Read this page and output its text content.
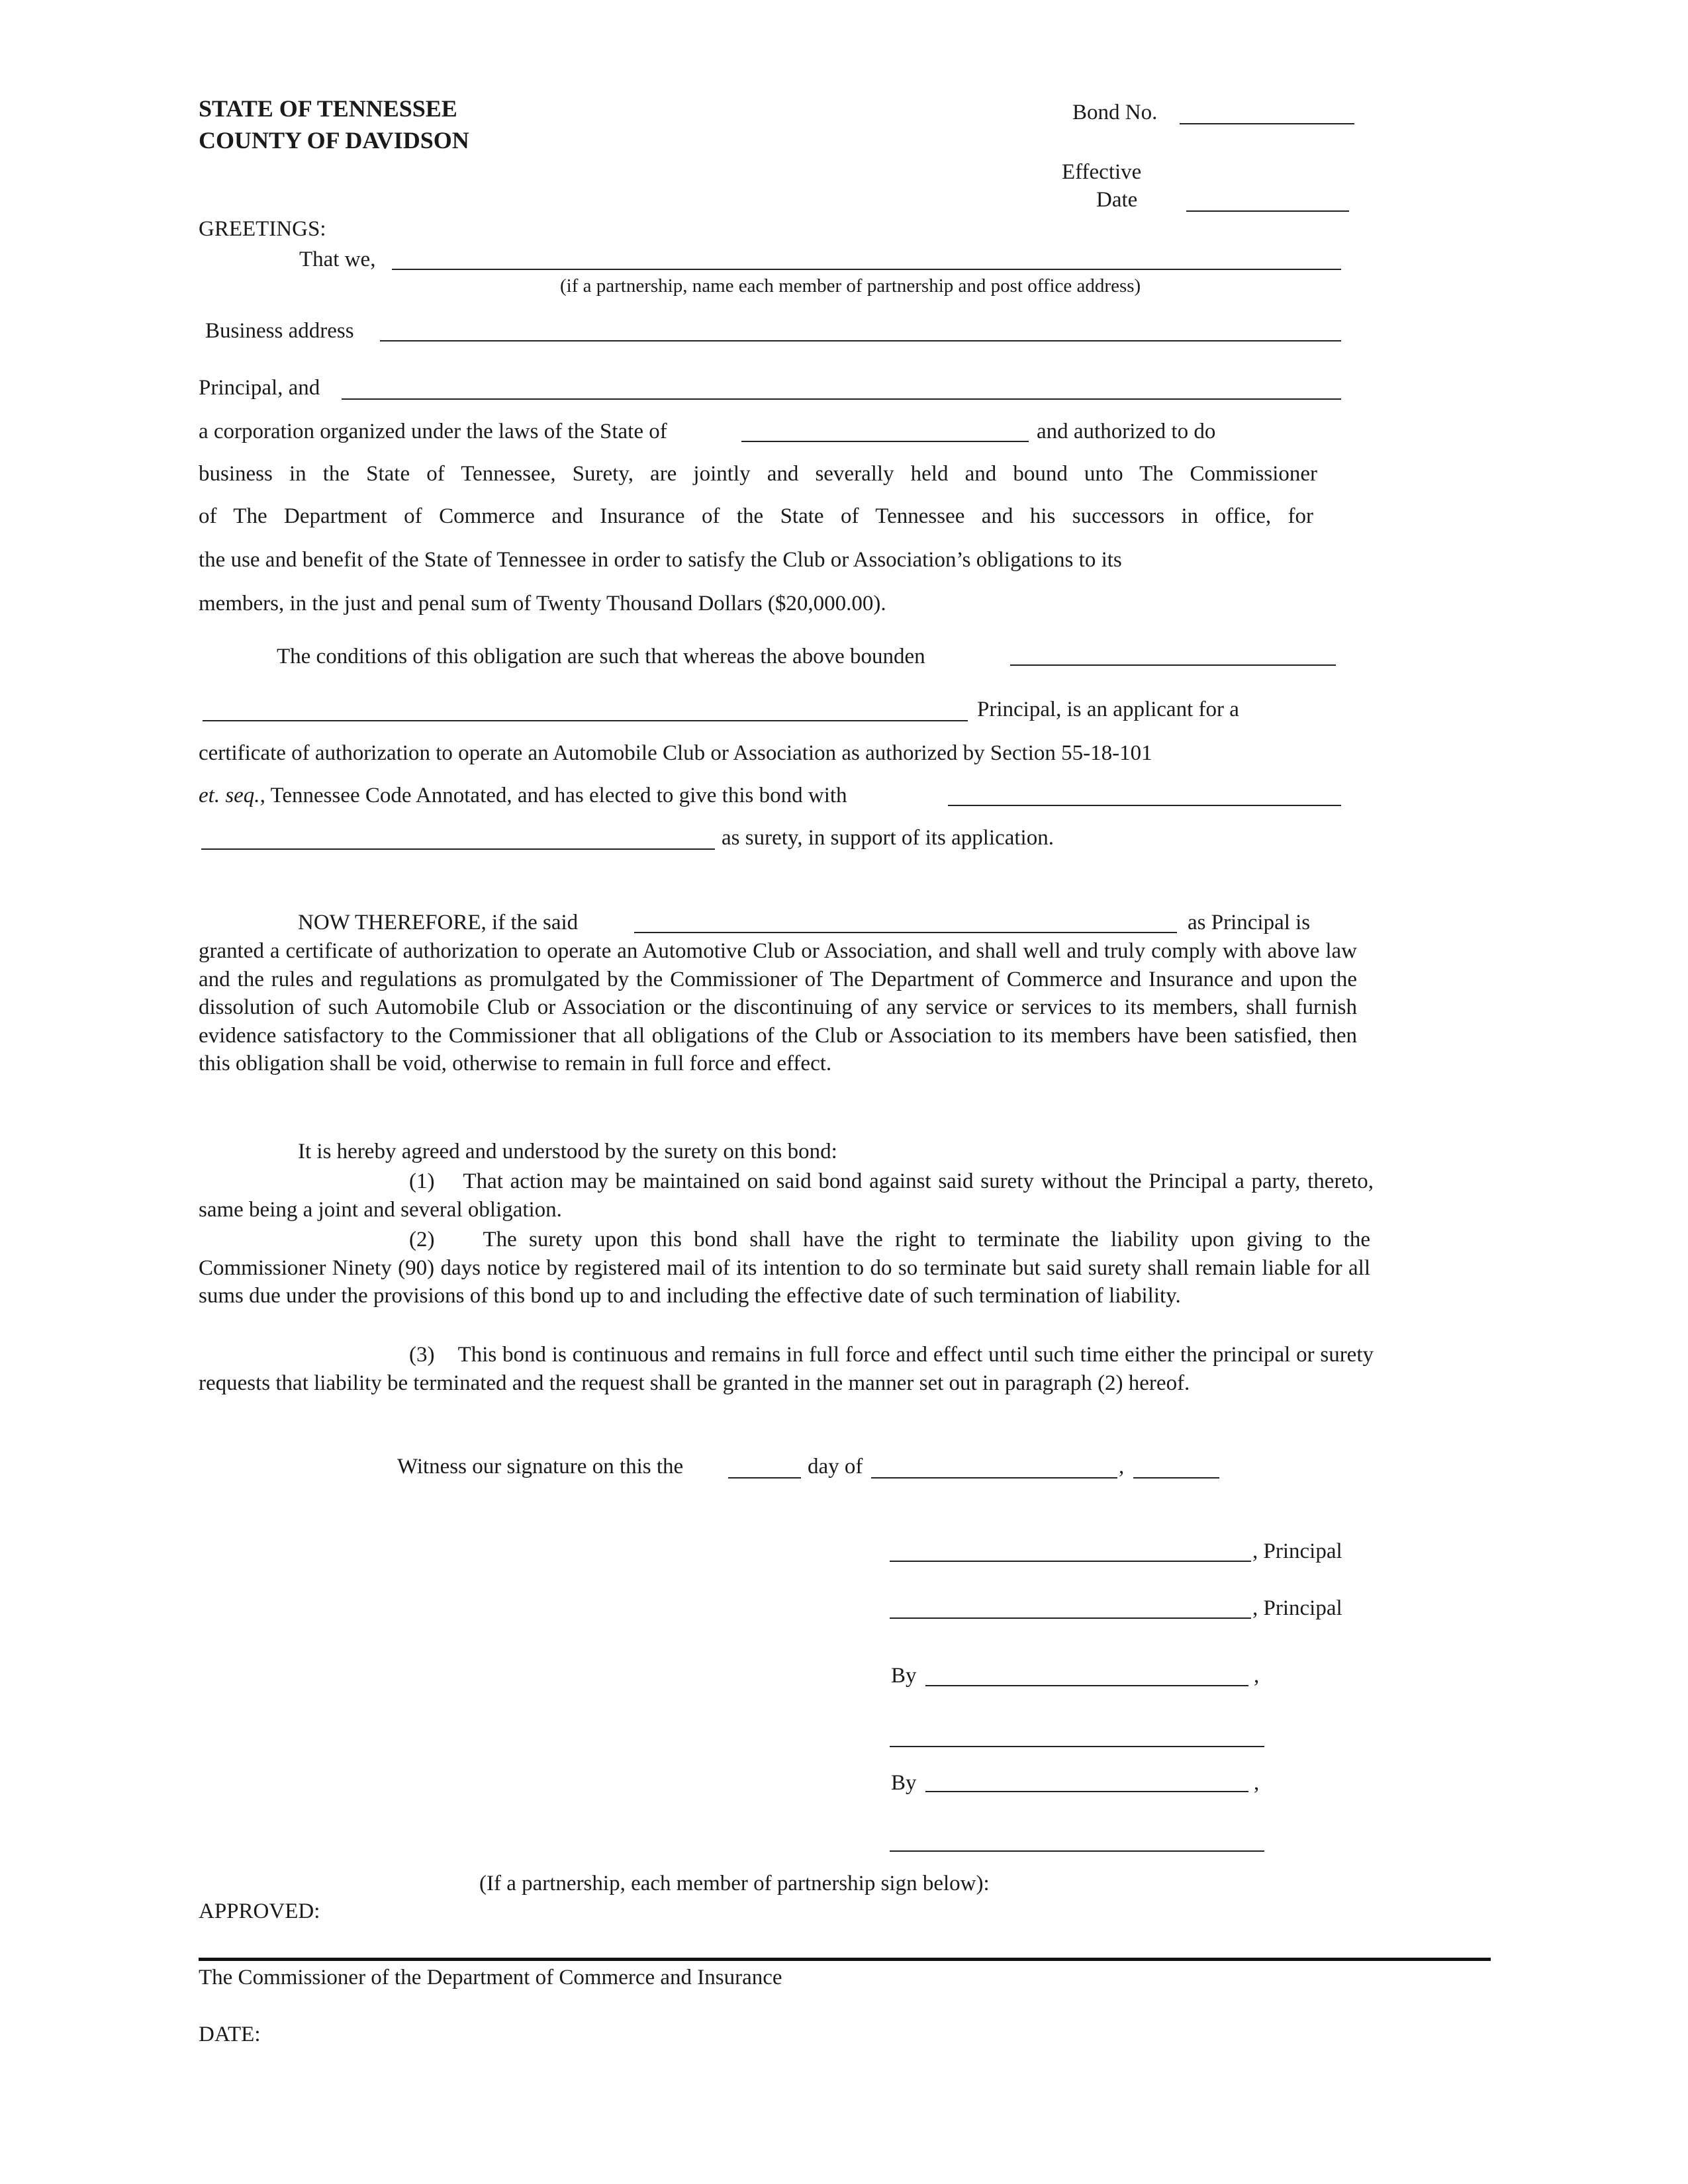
STATE OF TENNESSEE
COUNTY OF DAVIDSON
Bond No.
Effective
Date
GREETINGS:
That we,
(if a partnership, name each member of partnership and post office address)
Business address
Principal, and
a corporation organized under the laws of the State of	and authorized to do
business in the State of Tennessee, Surety, are jointly and severally held and bound unto The Commissioner
of The Department of Commerce and Insurance of the State of Tennessee and his successors in office, for
the use and benefit of the State of Tennessee in order to satisfy the Club or Association’s obligations to its
members, in the just and penal sum of Twenty Thousand Dollars ($20,000.00).
The conditions of this obligation are such that whereas the above bounden
Principal, is an applicant for a
certificate of authorization to operate an Automobile Club or Association as authorized by Section 55-18-101
et. seq., Tennessee Code Annotated, and has elected to give this bond with
as surety, in support of its application.
NOW THEREFORE, if the said	as Principal is
granted a certificate of authorization to operate an Automotive Club or Association, and shall well and truly comply with above law and the rules and regulations as promulgated by the Commissioner of The Department of Commerce and Insurance and upon the dissolution of such Automobile Club or Association or the discontinuing of any service or services to its members, shall furnish evidence satisfactory to the Commissioner that all obligations of the Club or Association to its members have been satisfied, then this obligation shall be void, otherwise to remain in full force and effect.
It is hereby agreed and understood by the surety on this bond:
(1) That action may be maintained on said bond against said surety without the Principal a party, thereto, same being a joint and several obligation.
(2) The surety upon this bond shall have the right to terminate the liability upon giving to the Commissioner Ninety (90) days notice by registered mail of its intention to do so terminate but said surety shall remain liable for all sums due under the provisions of this bond up to and including the effective date of such termination of liability.
(3) This bond is continuous and remains in full force and effect until such time either the principal or surety requests that liability be terminated and the request shall be granted in the manner set out in paragraph (2) hereof.
Witness our signature on this the	day of	,
, Principal
, Principal
By	,
By	,
(If a partnership, each member of partnership sign below):
APPROVED:
The Commissioner of the Department of Commerce and Insurance
DATE:
